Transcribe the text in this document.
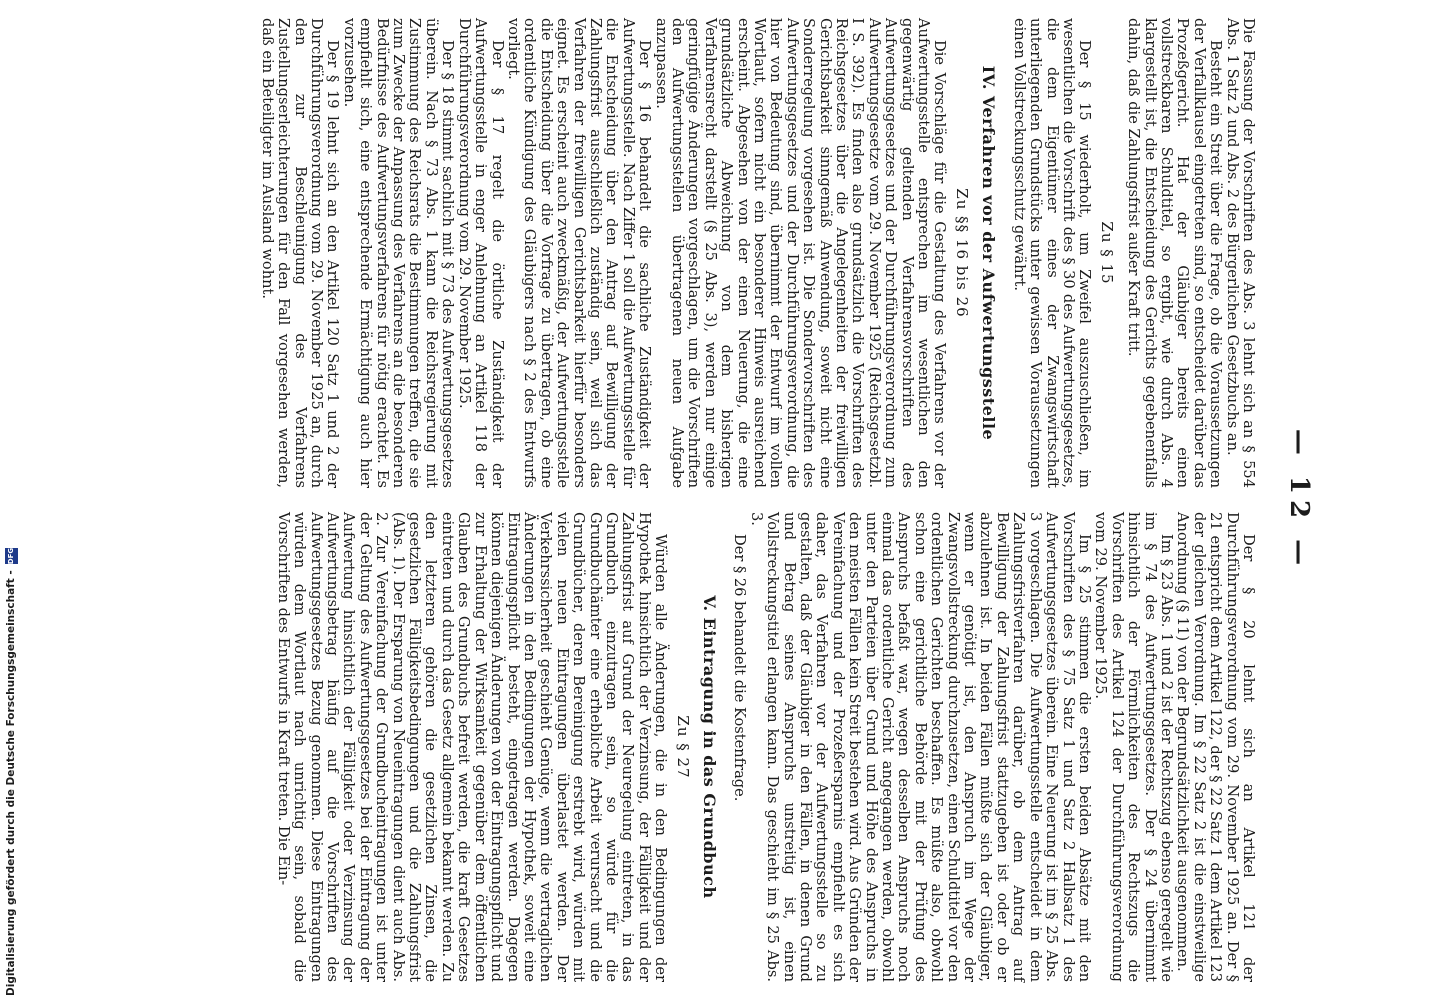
— 12 —

Die Fassung der Vorschriften des Abs. 3 lehnt sich an § 554 Abs. 1 Satz 2 und Abs. 2 des Bürgerlichen Gesetzbuchs an.

Besteht ein Streit über die Frage, ob die Voraussetzungen der Verfallklausel eingetreten sind, so entscheidet darüber das Prozeßgericht. Hat der Gläubiger bereits einen vollstreckbaren Schuldtitel, so ergibt, wie durch Abs. 4 klargestellt ist, die Entscheidung des Gerichts gegebenenfalls dahin, daß die Zahlungsfrist außer Kraft tritt.

Zu § 15

Der § 15 wiederholt, um Zweifel auszuschließen, im wesentlichen die Vorschrift des § 30 des Aufwertungsgesetzes, die dem Eigentümer eines der Zwangswirtschaft unterliegenden Grundstücks unter gewissen Voraussetzungen einen Vollstreckungsschutz gewährt.

IV. Verfahren vor der Aufwertungsstelle
Zu §§ 16 bis 26

Die Vorschläge für die Gestaltung des Verfahrens vor der Aufwertungsstelle entsprechen im wesentlichen den gegenwärtig geltenden Verfahrensvorschriften des Aufwertungsgesetzes und der Durchführungsverordnung zum Aufwertungsgesetze vom 29. November 1925 (Reichsgesetzbl. I S. 392). Es finden also grundsätzlich die Vorschriften des Reichsgesetzes über die Angelegenheiten der freiwilligen Gerichtsbarkeit sinngemäß Anwendung, soweit nicht eine Sonderregelung vorgesehen ist. Die Sondervorschriften des Aufwertungsgesetzes und der Durchführungsverordnung, die hier von Bedeutung sind, übernimmt der Entwurf im vollen Wortlaut, sofern nicht ein besonderer Hinweis ausreichend erscheint. Abgesehen von der einen Neuerung, die eine grundsätzliche Abweichung von dem bisherigen Verfahrensrecht darstellt (§ 25 Abs. 3), werden nur einige geringfügige Änderungen vorgeschlagen, um die Vorschriften den Aufwertungsstellen übertragenen neuen Aufgabe anzupassen.

Der § 16 behandelt die sachliche Zuständigkeit der Aufwertungsstelle. Nach Ziffer 1 soll die Aufwertungsstelle für die Entscheidung über den Antrag auf Bewilligung der Zahlungsfrist ausschließlich zuständig sein, weil sich das Verfahren der freiwilligen Gerichtsbarkeit hierfür besonders eignet. Es erscheint auch zweckmäßig, der Aufwertungsstelle die Entscheidung über die Vorfrage zu übertragen, ob eine ordentliche Kündigung des Gläubigers nach § 2 des Entwurfs vorliegt.

Der § 17 regelt die örtliche Zuständigkeit der Aufwertungsstelle in enger Anlehnung an Artikel 118 der Durchführungsverordnung vom 29. November 1925.

Der § 18 stimmt sachlich mit § 73 des Aufwertungsgesetzes überein. Nach § 73 Abs. 1 kann die Reichsregierung mit Zustimmung des Reichsrats die Bestimmungen treffen, die sie zum Zwecke der Anpassung des Verfahrens an die besonderen Bedürfnisse des Aufwertungsverfahrens für nötig erachtet. Es empfiehlt sich, eine entsprechende Ermächtigung auch hier vorzusehen.

Der § 19 lehnt sich an den Artikel 120 Satz 1 und 2 der Durchführungsverordnung vom 29. November 1925 an, durch den zur Beschleunigung des Verfahrens Zustellungserleichterungen für den Fall vorgesehen werden, daß ein Beteiligter im Ausland wohnt.

Der § 20 lehnt sich an Artikel 121 der Durchführungsverordnung vom 29. November 1925 an. Der § 21 entspricht dem Artikel 122, der § 22 Satz 1 dem Artikel 123 der gleichen Verordnung. Im § 22 Satz 2 ist die einstweilige Anordnung (§ 11) von der Begrundsätzlichkeit ausgenommen.

Im § 23 Abs. 1 und 2 ist der Rechtszug ebenso geregelt wie im § 74 des Aufwertungsgesetzes. Der § 24 übernimmt hinsichtlich der Förmlichkeiten des Rechtszugs die Vorschriften des Artikel 124 der Durchführungsverordnung vom 29. November 1925.

Im § 25 stimmen die ersten beiden Absätze mit den Vorschriften des § 75 Satz 1 und Satz 2 Halbsatz 1 des Aufwertungsgesetzes überein. Eine Neuerung ist im § 25 Abs. 3 vorgeschlagen. Die Aufwertungsstelle entscheidet in dem Zahlungsfristverfahren darüber, ob dem Antrag auf Bewilligung der Zahlungsfrist stattzugeben ist oder ob er abzulehnen ist. In beiden Fällen müßte sich der Gläubiger, wenn er genötigt ist, den Anspruch im Wege der Zwangsvollstreckung durchzusetzen, einen Schuldtitel vor den ordentlichen Gerichten beschaffen. Es müßte also, obwohl schon eine gerichtliche Behörde mit der Prüfung des Anspruchs befaßt war, wegen desselben Anspruchs noch einmal das ordentliche Gericht angegangen werden, obwohl unter den Parteien über Grund und Höhe des Anspruchs in den meisten Fällen kein Streit bestehen wird. Aus Gründen der Vereinfachung und der Prozeßersparnis empfiehlt es sich daher, das Verfahren vor der Aufwertungsstelle so zu gestalten, daß der Gläubiger in den Fällen, in denen Grund und Betrag seines Anspruchs unstreitig ist, einen Vollstreckungstitel erlangen kann. Das geschieht im § 25 Abs. 3.

Der § 26 behandelt die Kostenfrage.

V. Eintragung in das Grundbuch
Zu § 27

Würden alle Änderungen, die in den Bedingungen der Hypothek hinsichtlich der Verzinsung, der Fälligkeit und der Zahlungsfrist auf Grund der Neuregelung eintreten, in das Grundbuch einzutragen sein, so würde für die Grundbuchämter eine erhebliche Arbeit verursacht und die Grundbücher, deren Bereinigung erstrebt wird, würden mit vielen neuen Eintragungen überlastet werden. Der Verkehrssicherheit geschieht Genüge, wenn die vertraglichen Änderungen in den Bedingungen der Hypothek, soweit eine Eintragungspflicht besteht, eingetragen werden. Dagegen können diejenigen Änderungen von der Eintragungspflicht und zur Erhaltung der Wirksamkeit gegenüber dem öffentlichen Glauben des Grundbuchs befreit werden, die kraft Gesetzes eintreten und durch das Gesetz allgemein bekannt werden. Zu den letzteren gehören die gesetzlichen Zinsen, die gesetzlichen Fälligkeitsbedingungen und die Zahlungsfrist (Abs. 1). Der Ersparung von Neueintragungen dient auch Abs. 2. Zur Vereinfachung der Grundbucheintragungen ist unter der Geltung des Aufwertungsgesetzes bei der Eintragung der Aufwertung hinsichtlich der Fälligkeit oder Verzinsung der Aufwertungsbetrag häufig auf die Vorschriften des Aufwertungsgesetzes Bezug genommen. Diese Eintragungen würden dem Wortlaut nach unrichtig sein, sobald die Vorschriften des Entwurfs in Kraft treten. Die Ein-

Digitalisierung gefördert durch die Deutsche Forschungsgemeinschaft -
DFG
